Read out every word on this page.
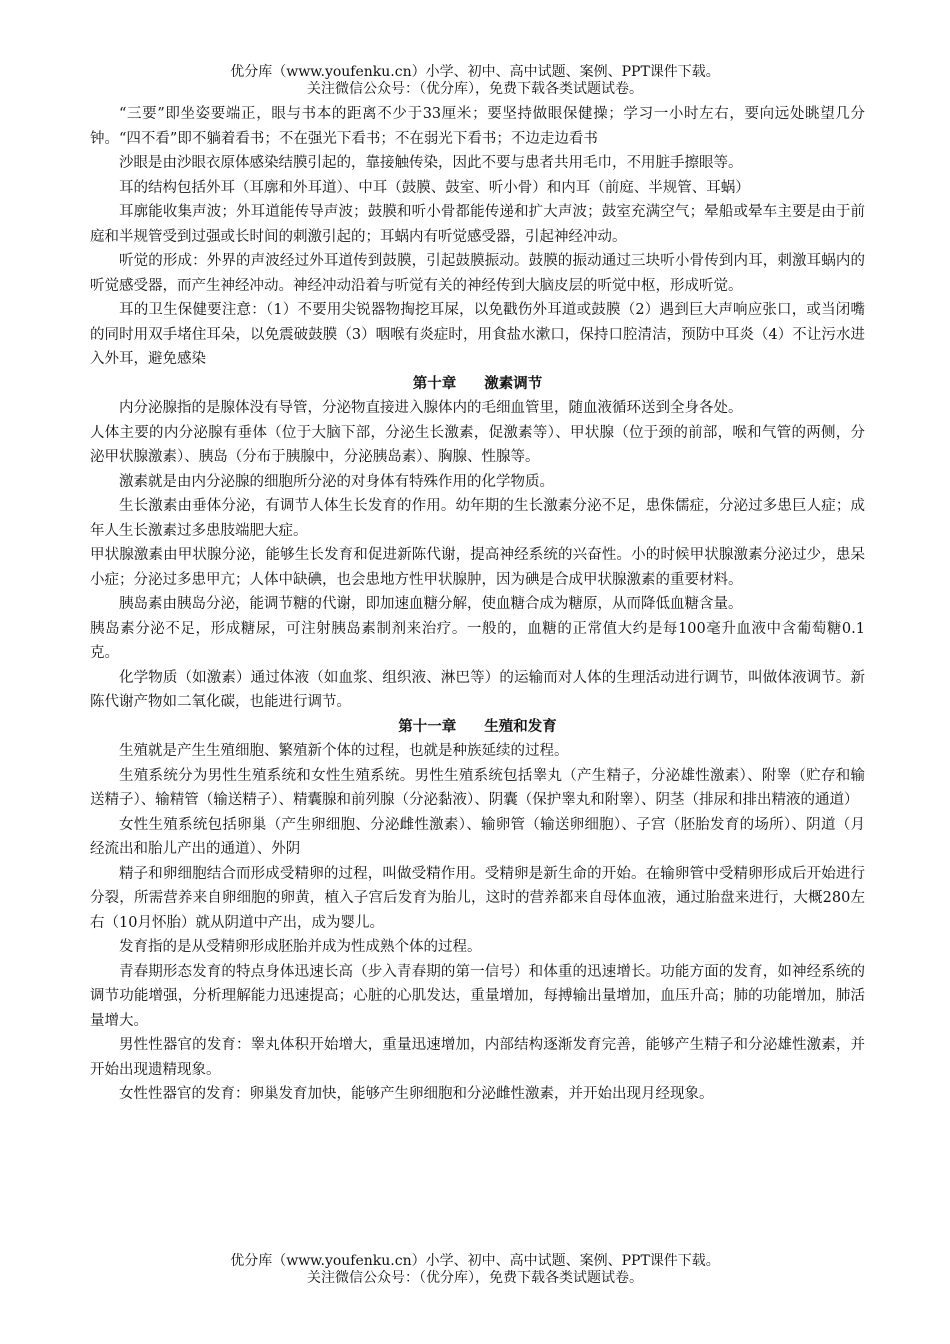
优分库（www.youfenku.cn）小学、初中、高中试题、案例、PPT课件下载。
关注微信公众号：（优分库），免费下载各类试题试卷。

“三要”即坐姿要端正，眼与书本的距离不少于33厘米；要坚持做眼保健操；学习一小时左右，要向远处眺望几分钟。“四不看”即不躺着看书；不在强光下看书；不在弱光下看书；不边走边看书

沙眼是由沙眼衣原体感染结膜引起的，靠接触传染，因此不要与患者共用毛巾，不用脏手擦眼等。

耳的结构包括外耳（耳廓和外耳道）、中耳（鼓膜、鼓室、听小骨）和内耳（前庭、半规管、耳蜗）

耳廓能收集声波；外耳道能传导声波；鼓膜和听小骨都能传递和扩大声波；鼓室充满空气；晕船或晕车主要是由于前庭和半规管受到过强或长时间的刺激引起的；耳蜗内有听觉感受器，引起神经冲动。

听觉的形成：外界的声波经过外耳道传到鼓膜，引起鼓膜振动。鼓膜的振动通过三块听小骨传到内耳，刺激耳蜗内的听觉感受器，而产生神经冲动。神经冲动沿着与听觉有关的神经传到大脑皮层的听觉中枢，形成听觉。

耳的卫生保健要注意：（1）不要用尖锐器物掏挖耳屎，以免戳伤外耳道或鼓膜（2）遇到巨大声响应张口，或当闭嘴的同时用双手堵住耳朵，以免震破鼓膜（3）咽喉有炎症时，用食盐水漱口，保持口腔清洁，预防中耳炎（4）不让污水进入外耳，避免感染

第十章 激素调节

内分泌腺指的是腺体没有导管，分泌物直接进入腺体内的毛细血管里，随血液循环送到全身各处。

人体主要的内分泌腺有垂体（位于大脑下部，分泌生长激素，促激素等）、甲状腺（位于颈的前部，喉和气管的两侧，分泌甲状腺激素）、胰岛（分布于胰腺中，分泌胰岛素）、胸腺、性腺等。

激素就是由内分泌腺的细胞所分泌的对身体有特殊作用的化学物质。

生长激素由垂体分泌，有调节人体生长发育的作用。幼年期的生长激素分泌不足，患侏儒症，分泌过多患巨人症；成年人生长激素过多患肢端肥大症。

甲状腺激素由甲状腺分泌，能够生长发育和促进新陈代谢，提高神经系统的兴奋性。小的时候甲状腺激素分泌过少，患呆小症；分泌过多患甲亢；人体中缺碘，也会患地方性甲状腺肿，因为碘是合成甲状腺激素的重要材料。

胰岛素由胰岛分泌，能调节糖的代谢，即加速血糖分解，使血糖合成为糖原，从而降低血糖含量。

胰岛素分泌不足，形成糖尿，可注射胰岛素制剂来治疗。一般的，血糖的正常值大约是每100毫升血液中含葡萄糖0.1克。

化学物质（如激素）通过体液（如血浆、组织液、淋巴等）的运输而对人体的生理活动进行调节，叫做体液调节。新陈代谢产物如二氧化碳，也能进行调节。

第十一章 生殖和发育

生殖就是产生生殖细胞、繁殖新个体的过程，也就是种族延续的过程。

生殖系统分为男性生殖系统和女性生殖系统。男性生殖系统包括睾丸（产生精子，分泌雄性激素）、附睾（贮存和输送精子）、输精管（输送精子）、精囊腺和前列腺（分泌黏液）、阴囊（保护睾丸和附睾）、阴茎（排尿和排出精液的通道）

女性生殖系统包括卵巢（产生卵细胞、分泌雌性激素）、输卵管（输送卵细胞）、子宫（胚胎发育的场所）、阴道（月经流出和胎儿产出的通道）、外阴

精子和卵细胞结合而形成受精卵的过程，叫做受精作用。受精卵是新生命的开始。在输卵管中受精卵形成后开始进行分裂，所需营养来自卵细胞的卵黄，植入子宫后发育为胎儿，这时的营养都来自母体血液，通过胎盘来进行，大概280左右（10月怀胎）就从阴道中产出，成为婴儿。

发育指的是从受精卵形成胚胎并成为性成熟个体的过程。

青春期形态发育的特点身体迅速长高（步入青春期的第一信号）和体重的迅速增长。功能方面的发育，如神经系统的调节功能增强，分析理解能力迅速提高；心脏的心肌发达，重量增加，每搏输出量增加，血压升高；肺的功能增加，肺活量增大。

男性性器官的发育：睾丸体积开始增大，重量迅速增加，内部结构逐渐发育完善，能够产生精子和分泌雄性激素，并开始出现遗精现象。

女性性器官的发育：卵巢发育加快，能够产生卵细胞和分泌雌性激素，并开始出现月经现象。

优分库（www.youfenku.cn）小学、初中、高中试题、案例、PPT课件下载。
关注微信公众号：（优分库），免费下载各类试题试卷。
